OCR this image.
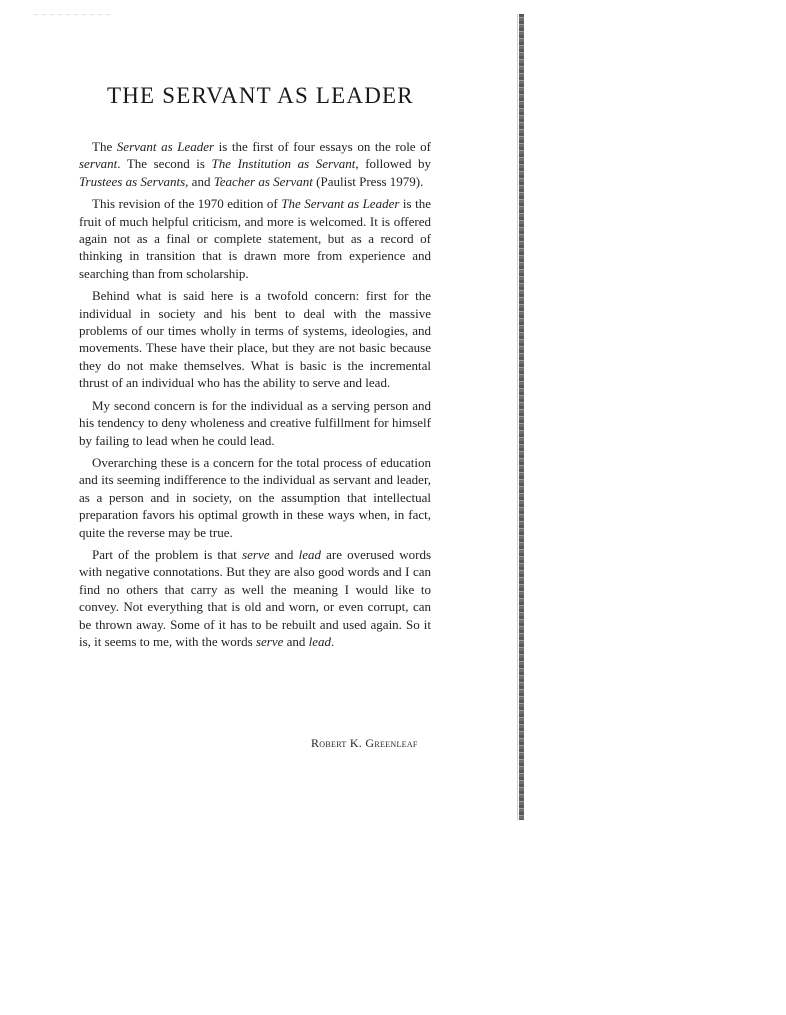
THE SERVANT AS LEADER

The Servant as Leader is the first of four essays on the role of servant. The second is The Institution as Servant, followed by Trustees as Servants, and Teacher as Servant (Paulist Press 1979).

This revision of the 1970 edition of The Servant as Leader is the fruit of much helpful criticism, and more is welcomed. It is offered again not as a final or complete statement, but as a record of thinking in transition that is drawn more from experience and searching than from scholarship.

Behind what is said here is a twofold concern: first for the individual in society and his bent to deal with the massive problems of our times wholly in terms of systems, ideologies, and movements. These have their place, but they are not basic because they do not make themselves. What is basic is the incremental thrust of an individual who has the ability to serve and lead.

My second concern is for the individual as a serving person and his tendency to deny wholeness and creative fulfillment for himself by failing to lead when he could lead.

Overarching these is a concern for the total process of education and its seeming indifference to the individual as servant and leader, as a person and in society, on the assumption that intellectual preparation favors his optimal growth in these ways when, in fact, quite the reverse may be true.

Part of the problem is that serve and lead are overused words with negative connotations. But they are also good words and I can find no others that carry as well the meaning I would like to convey. Not everything that is old and worn, or even corrupt, can be thrown away. Some of it has to be rebuilt and used again. So it is, it seems to me, with the words serve and lead.

Robert K. Greenleaf
